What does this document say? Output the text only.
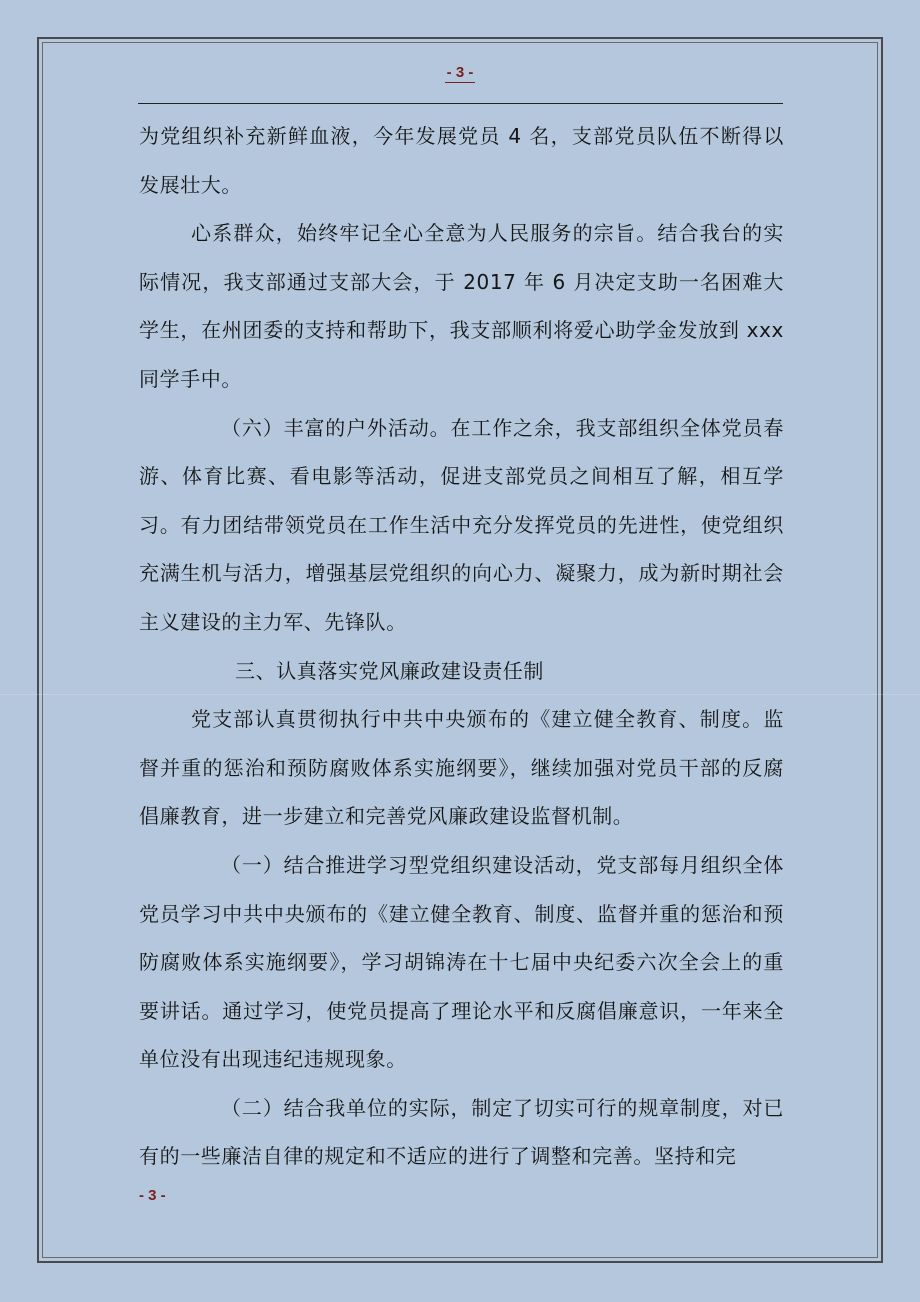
- 3 -

为党组织补充新鲜血液，今年发展党员 4 名，支部党员队伍不断得以发展壮大。

心系群众，始终牢记全心全意为人民服务的宗旨。结合我台的实际情况，我支部通过支部大会，于 2017 年 6 月决定支助一名困难大学生，在州团委的支持和帮助下，我支部顺利将爱心助学金发放到 xxx 同学手中。

（六）丰富的户外活动。在工作之余，我支部组织全体党员春游、体育比赛、看电影等活动，促进支部党员之间相互了解，相互学习。有力团结带领党员在工作生活中充分发挥党员的先进性，使党组织充满生机与活力，增强基层党组织的向心力、凝聚力，成为新时期社会主义建设的主力军、先锋队。

三、认真落实党风廉政建设责任制

党支部认真贯彻执行中共中央颁布的《建立健全教育、制度。监督并重的惩治和预防腐败体系实施纲要》，继续加强对党员干部的反腐倡廉教育，进一步建立和完善党风廉政建设监督机制。

（一）结合推进学习型党组织建设活动，党支部每月组织全体党员学习中共中央颁布的《建立健全教育、制度、监督并重的惩治和预防腐败体系实施纲要》，学习胡锦涛在十七届中央纪委六次全会上的重要讲话。通过学习，使党员提高了理论水平和反腐倡廉意识，一年来全单位没有出现违纪违规现象。

（二）结合我单位的实际，制定了切实可行的规章制度，对已有的一些廉洁自律的规定和不适应的进行了调整和完善。坚持和完

- 3 -
